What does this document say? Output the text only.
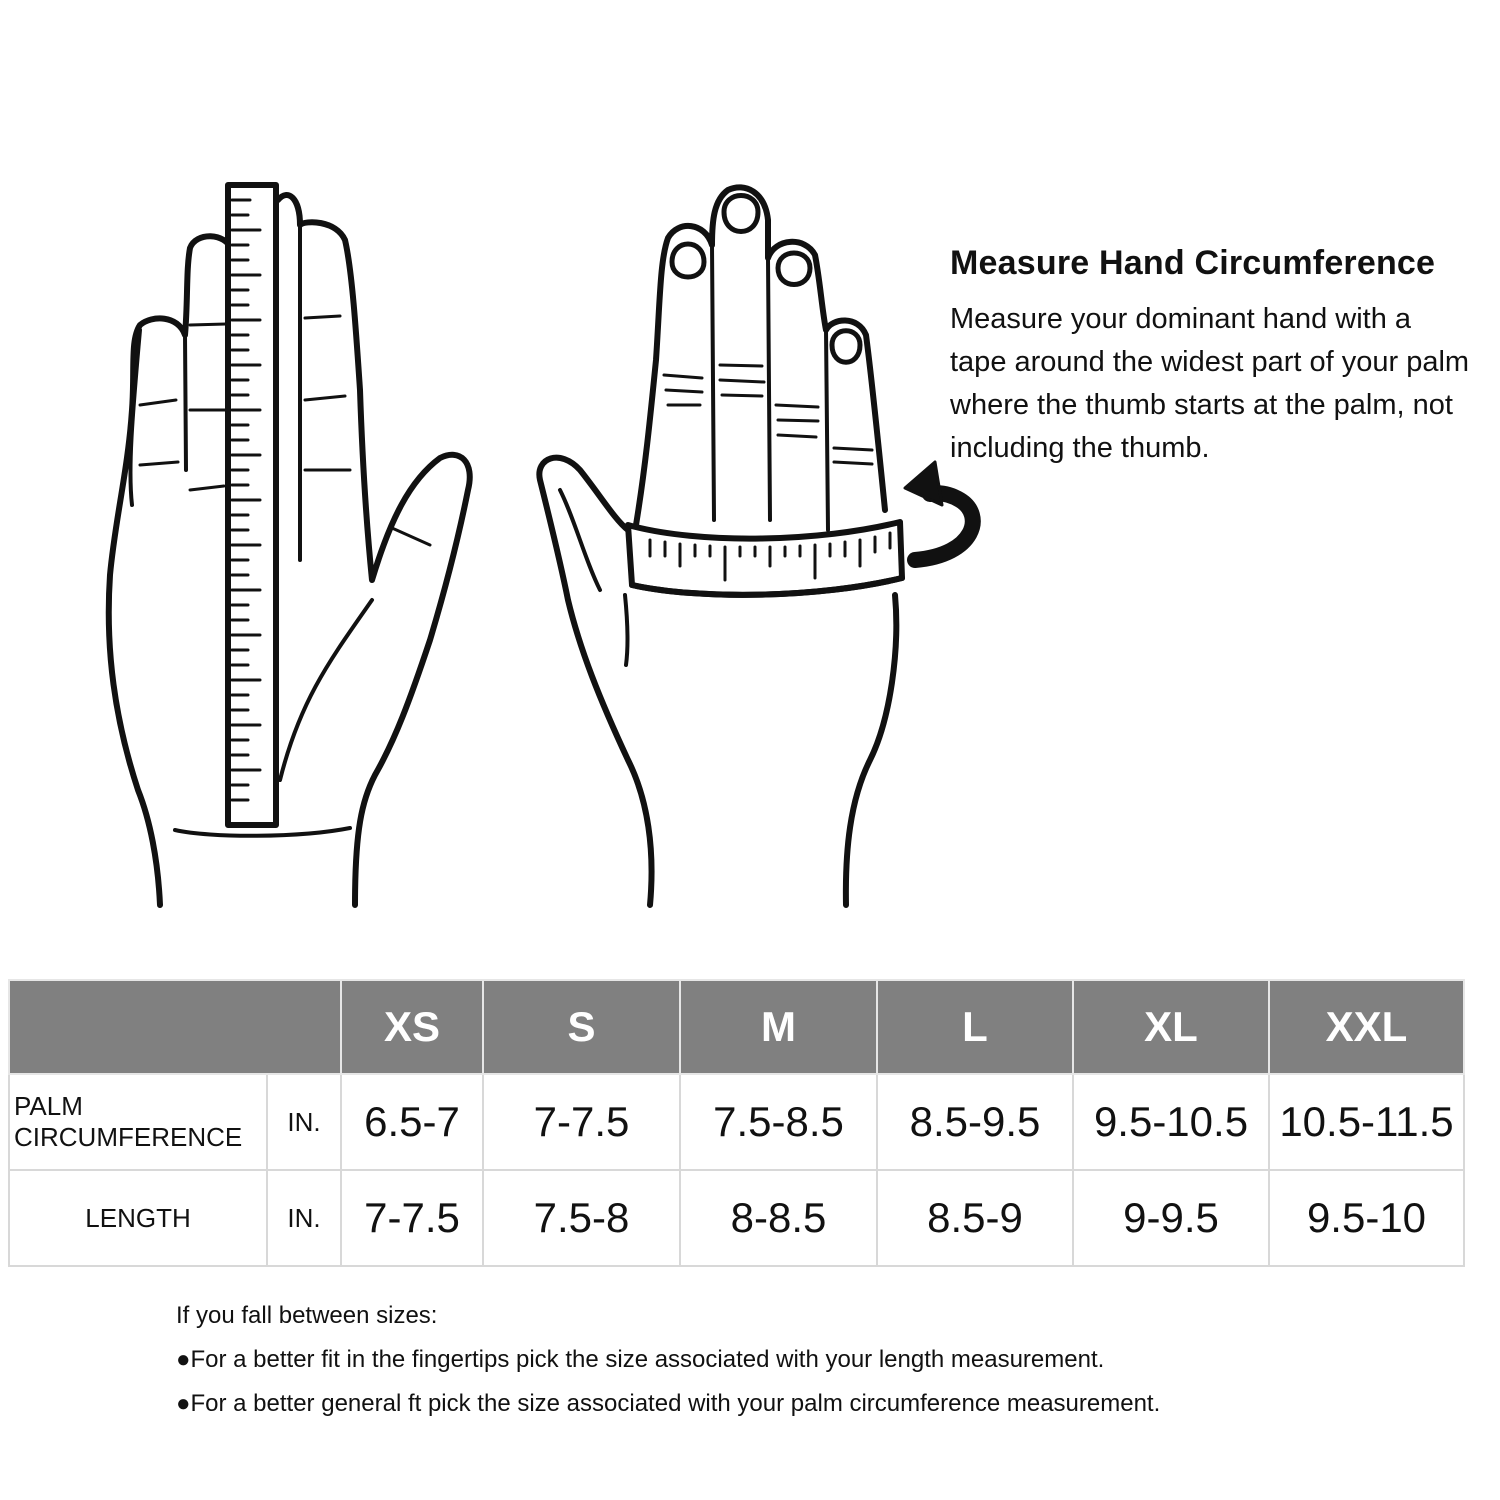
Measure Hand Circumference
Measure your dominant hand with a tape around the widest part of your palm where the thumb starts at the palm, not including the thumb.
		XS	S	M	L	XL	XXL
PALM
CIRCUMFERENCE	IN.	6.5-7	7-7.5	7.5-8.5	8.5-9.5	9.5-10.5	10.5-11.5
LENGTH	IN.	7-7.5	7.5-8	8-8.5	8.5-9	9-9.5	9.5-10
If you fall between sizes:
●For a better fit in the fingertips pick the size associated with your length measurement.
●For a better general ft pick the size associated with your palm circumference measurement.
